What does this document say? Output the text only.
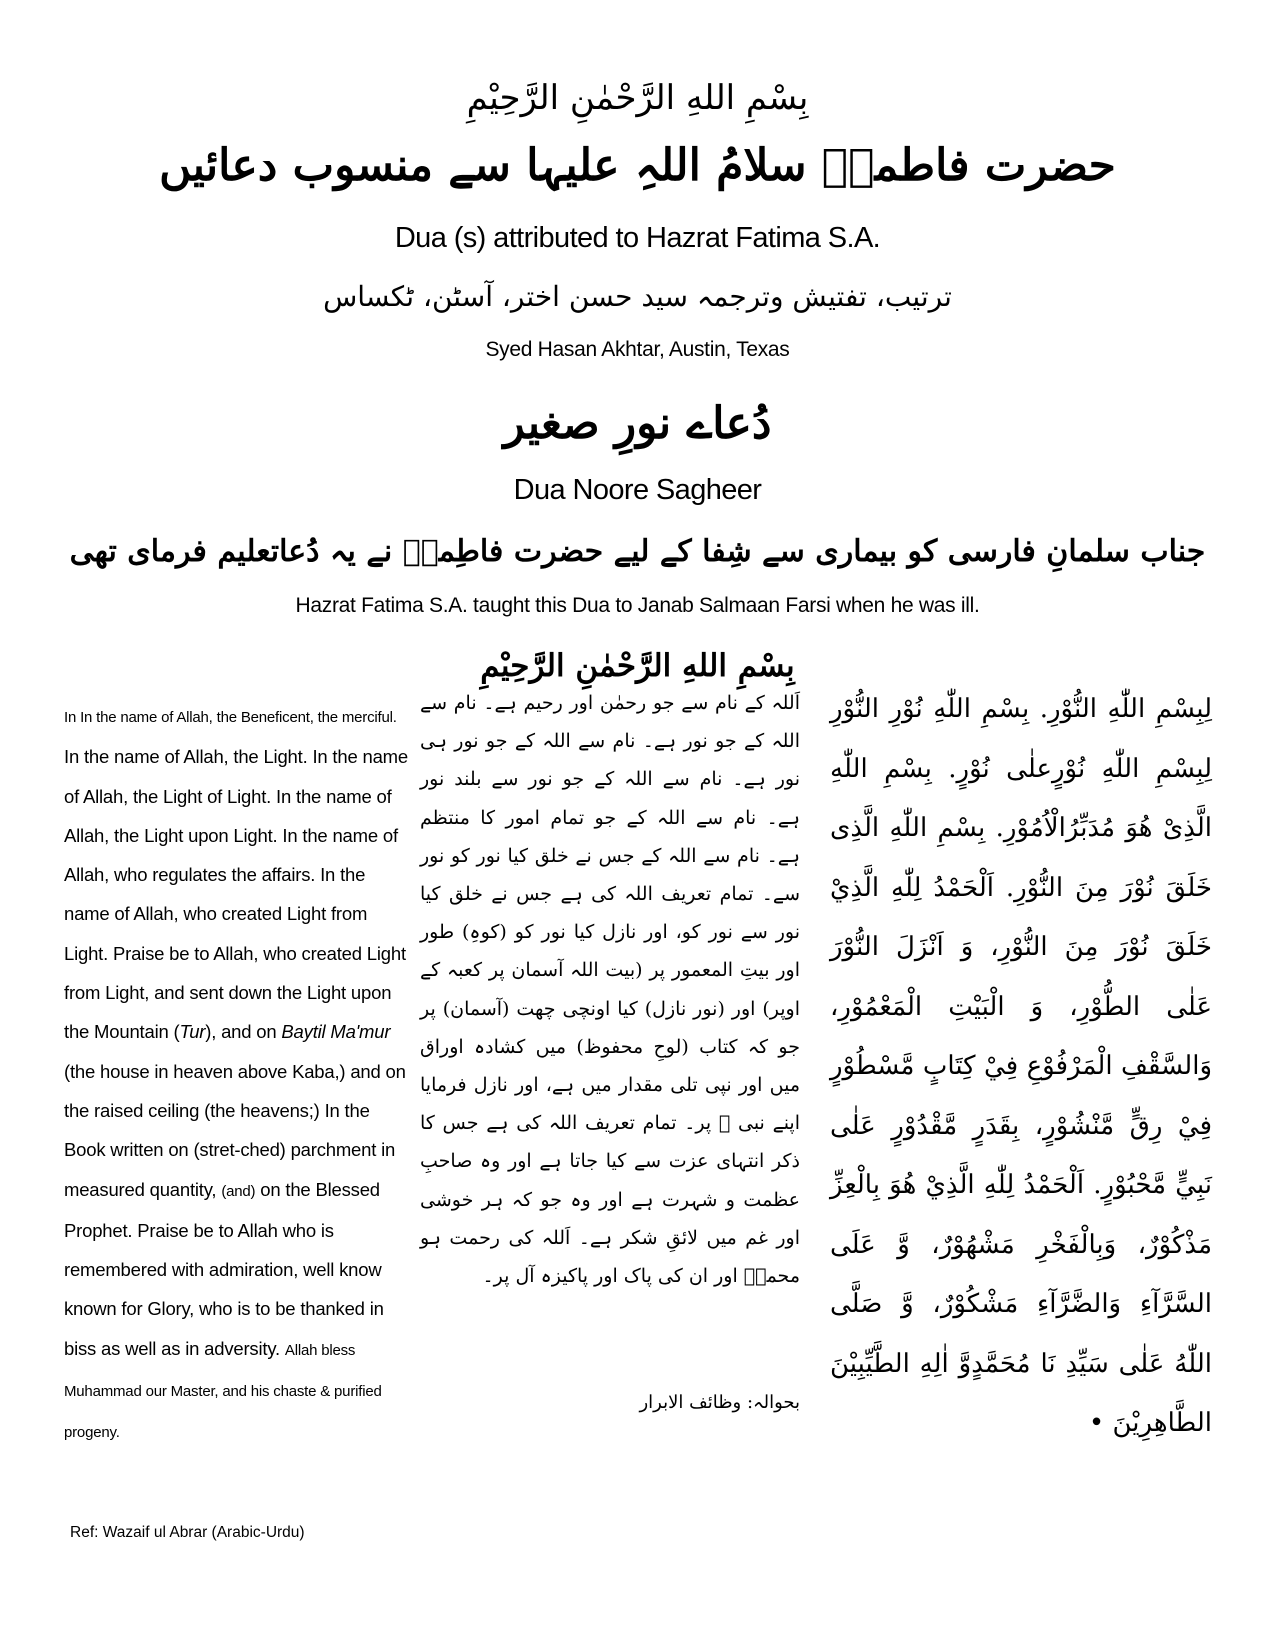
بِسْمِ اللهِ الرَّحْمٰنِ الرَّحِيْمِ
حضرت فاطمہؑ سلامُ اللہِ علیہا سے منسوب دعائیں
Dua (s) attributed to Hazrat Fatima S.A.
ترتیب، تفتیش وترجمہ سید حسن اختر، آسٹن، ٹکساس
Syed Hasan Akhtar, Austin, Texas
دُعاے نورِ صغیر
Dua Noore Sagheer
جناب سلمانِ فارسی کو بیماری سے شِفا کے لیے حضرت فاطِمہؑ نے یہ دُعاتعلیم فرمای تھی
Hazrat Fatima S.A. taught this Dua to Janab Salmaan Farsi when he was ill.
بِسْمِ اللهِ الرَّحْمٰنِ الرَّحِيْمِ

In In the name of Allah, the Beneficent, the merciful. In the name of Allah, the Light. In the name of Allah, the Light of Light. In the name of Allah, the Light upon Light. In the name of Allah, who regulates the affairs. In the name of Allah, who created Light from Light. Praise be to Allah, who created Light from Light, and sent down the Light upon the Mountain (Tur), and on Baytil Ma'mur (the house in heaven above Kaba,) and on the raised ceiling (the heavens;) In the Book written on (stret-ched) parchment in measured quantity, (and) on the Blessed Prophet. Praise be to Allah who is remembered with admiration, well know known for Glory, who is to be thanked in biss as well as in adversity. Allah bless Muhammad our Master, and his chaste & purified progeny.

Ref: Wazaif ul Abrar (Arabic-Urdu)

اَللہ کے نام سے جو رحمٰن اور رحیم ہے۔ نام سے اللہ کے جو نور ہے۔ نام سے اللہ کے جو نور ہی نور ہے۔ نام سے اللہ کے جو نور سے بلند نور ہے۔ نام سے اللہ کے جو تمام امور کا منتظم ہے۔ نام سے اللہ کے جس نے خلق کیا نور کو نور سے۔ تمام تعریف اللہ کی ہے جس نے خلق کیا نور سے نور کو، اور نازل کیا نور کو (کوہِ) طور اور بیتِ المعمور پر (بیت اللہ آسمان پر کعبہ کے اوپر) اور (نور نازل) کیا اونچی چھت (آسمان) پر جو کہ کتاب (لوحِ محفوظ) میں کشادہ اوراق میں اور نپی تلی مقدار میں ہے، اور نازل فرمایا اپنے نبی ﷺ پر۔ تمام تعریف اللہ کی ہے جس کا ذکر انتہای عزت سے کیا جاتا ہے اور وہ صاحبِ عظمت و شہرت ہے اور وہ جو کہ ہر خوشی اور غم میں لائقِ شکر ہے۔ اَللہ کی رحمت ہو محمدؐ اور ان کی پاک اور پاکیزہ آل پر۔

بحوالہ: وظائف الابرار

لِبِسْمِ اللّٰهِ النُّوْرِ. بِسْمِ اللّٰهِ نُوْرِ النُّوْرِ لِبِسْمِ اللّٰهِ نُوْرٍعلٰى نُوْرٍ. بِسْمِ اللّٰهِ الَّذِىْ هُوَ مُدَبِّرُالْاُمُوْرِ. بِسْمِ اللّٰهِ الَّذِى خَلَقَ نُوْرَ مِنَ النُّوْرِ. اَلْحَمْدُ لِلّٰهِ الَّذِيْ خَلَقَ نُوْرَ مِنَ النُّوْرِ، وَ اَنْزَلَ النُّوْرَ عَلٰى الطُّوْرِ، وَ الْبَيْتِ الْمَعْمُوْرِ، وَالسَّقْفِ الْمَرْفُوْعِ فِيْ كِتَابٍ مَّسْطُوْرٍ فِيْ رِقٍّ مَّنْشُوْرٍ، بِقَدَرٍ مَّقْدُوْرٍ عَلٰى نَبِيٍّ مَّحْبُوْرٍ. اَلْحَمْدُ لِلّٰهِ الَّذِيْ هُوَ بِالْعِزِّ مَذْكُوْرٌ، وَبِالْفَخْرِ مَشْهُوْرٌ، وَّ عَلَى السَّرَّآءِ وَالضَّرَّآءِ مَشْكُوْرٌ، وَّ صَلَّى اللّٰهُ عَلٰى سَيِّدِ نَا مُحَمَّدٍوَّ اٰلِهِ الطَّيِّبِيْنَ الطَّاهِرِيْنَ •
